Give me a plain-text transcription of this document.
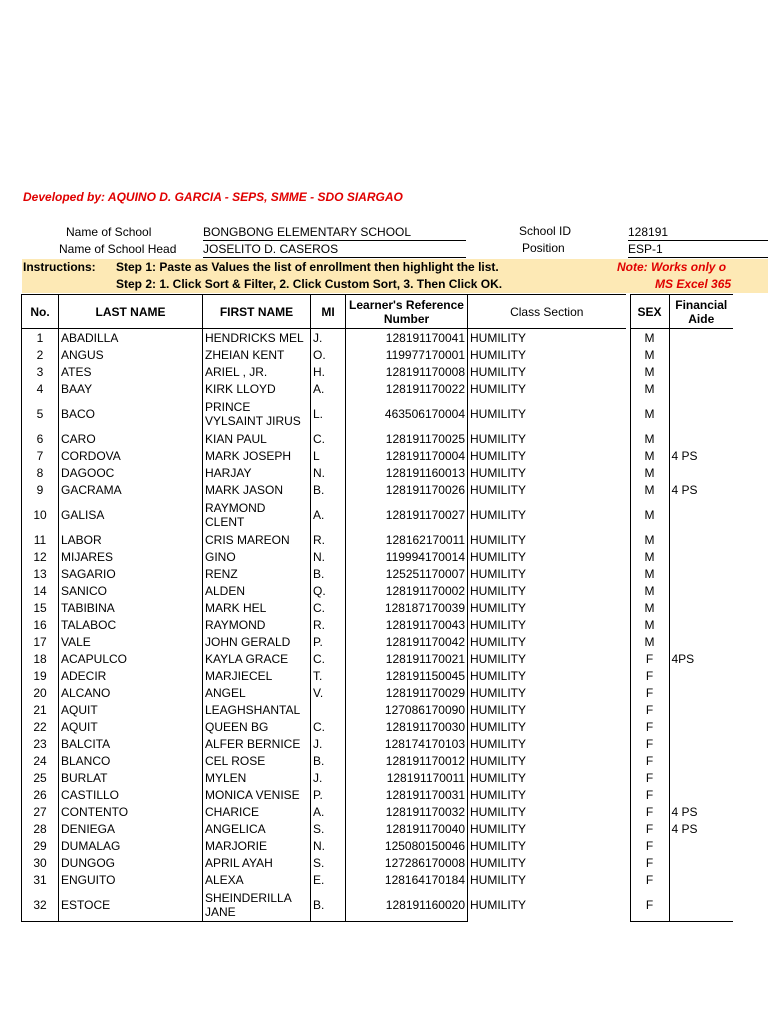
Developed by: AQUINO D. GARCIA - SEPS, SMME - SDO SIARGAO
Name of School	BONGBONG ELEMENTARY SCHOOL
Name of School Head JOSELITO D. CASEROS
School ID	128191
Position	ESP-1
Instructions: Step 1: Paste as Values the list of enrollment then highlight the list.
Step 2: 1. Click Sort & Filter, 2. Click Custom Sort, 3. Then Click OK.
Note: Works only o
MS Excel 365
No.	LAST NAME	FIRST NAME	MI	Learner's Reference Number	Class Section		SEX	Financial Aide
1	ABADILLA	HENDRICKS MEL	J.	128191170041	HUMILITY		M	
2	ANGUS	ZHEIAN KENT	O.	119977170001	HUMILITY		M	
3	ATES	ARIEL , JR.	H.	128191170008	HUMILITY		M	
4	BAAY	KIRK LLOYD	A.	128191170022	HUMILITY		M	
5	BACO	PRINCE VYLSAINT JIRUS	L.	463506170004	HUMILITY		M	
6	CARO	KIAN PAUL	C.	128191170025	HUMILITY		M	
7	CORDOVA	MARK JOSEPH	L	128191170004	HUMILITY		M	4 PS
8	DAGOOC	HARJAY	N.	128191160013	HUMILITY		M	
9	GACRAMA	MARK JASON	B.	128191170026	HUMILITY		M	4 PS
10	GALISA	RAYMOND CLENT	A.	128191170027	HUMILITY		M	
11	LABOR	CRIS MAREON	R.	128162170011	HUMILITY		M	
12	MIJARES	GINO	N.	119994170014	HUMILITY		M	
13	SAGARIO	RENZ	B.	125251170007	HUMILITY		M	
14	SANICO	ALDEN	Q.	128191170002	HUMILITY		M	
15	TABIBINA	MARK HEL	C.	128187170039	HUMILITY		M	
16	TALABOC	RAYMOND	R.	128191170043	HUMILITY		M	
17	VALE	JOHN GERALD	P.	128191170042	HUMILITY		M	
18	ACAPULCO	KAYLA GRACE	C.	128191170021	HUMILITY		F	4PS
19	ADECIR	MARJIECEL	T.	128191150045	HUMILITY		F	
20	ALCANO	ANGEL	V.	128191170029	HUMILITY		F	
21	AQUIT	LEAGHSHANTAL		127086170090	HUMILITY		F	
22	AQUIT	QUEEN BG	C.	128191170030	HUMILITY		F	
23	BALCITA	ALFER BERNICE	J.	128174170103	HUMILITY		F	
24	BLANCO	CEL ROSE	B.	128191170012	HUMILITY		F	
25	BURLAT	MYLEN	J.	128191170011	HUMILITY		F	
26	CASTILLO	MONICA VENISE	P.	128191170031	HUMILITY		F	
27	CONTENTO	CHARICE	A.	128191170032	HUMILITY		F	4 PS
28	DENIEGA	ANGELICA	S.	128191170040	HUMILITY		F	4 PS
29	DUMALAG	MARJORIE	N.	125080150046	HUMILITY		F	
30	DUNGOG	APRIL AYAH	S.	127286170008	HUMILITY		F	
31	ENGUITO	ALEXA	E.	128164170184	HUMILITY		F	
32	ESTOCE	SHEINDERILLA JANE	B.	128191160020	HUMILITY		F	
